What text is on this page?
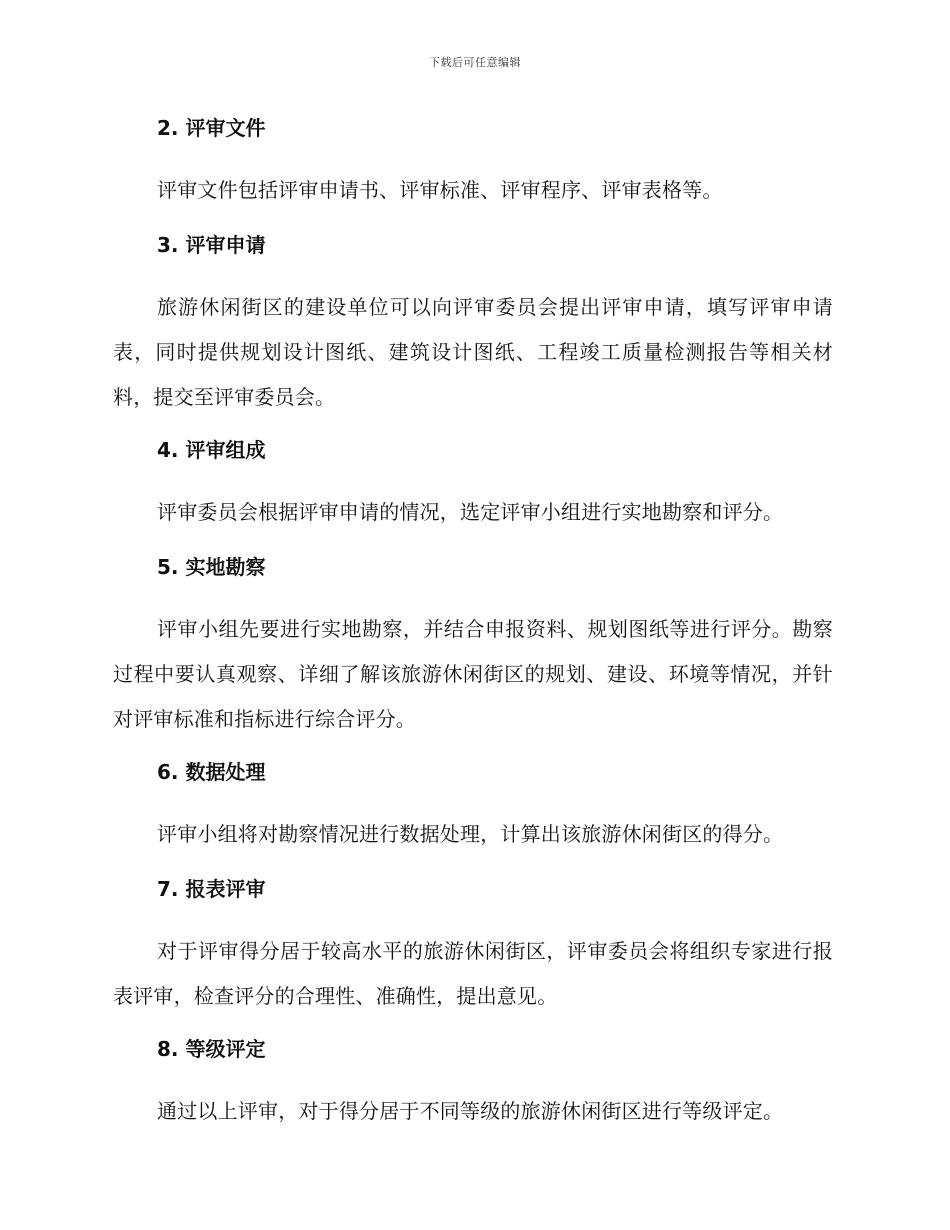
下载后可任意编辑
2. 评审文件

评审文件包括评审申请书、评审标准、评审程序、评审表格等。

3. 评审申请

旅游休闲街区的建设单位可以向评审委员会提出评审申请，填写评审申请表，同时提供规划设计图纸、建筑设计图纸、工程竣工质量检测报告等相关材料，提交至评审委员会。

4. 评审组成

评审委员会根据评审申请的情况，选定评审小组进行实地勘察和评分。

5. 实地勘察

评审小组先要进行实地勘察，并结合申报资料、规划图纸等进行评分。勘察过程中要认真观察、详细了解该旅游休闲街区的规划、建设、环境等情况，并针对评审标准和指标进行综合评分。

6. 数据处理

评审小组将对勘察情况进行数据处理，计算出该旅游休闲街区的得分。

7. 报表评审

对于评审得分居于较高水平的旅游休闲街区，评审委员会将组织专家进行报表评审，检查评分的合理性、准确性，提出意见。

8. 等级评定

通过以上评审，对于得分居于不同等级的旅游休闲街区进行等级评定。
